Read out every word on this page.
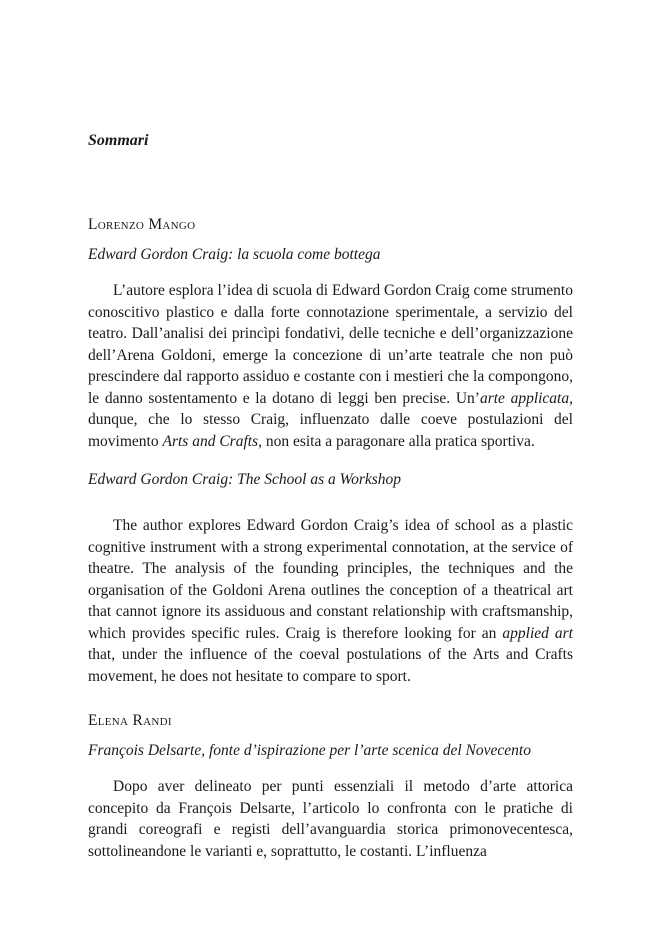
Sommari

Lorenzo Mango

Edward Gordon Craig: la scuola come bottega

L’autore esplora l’idea di scuola di Edward Gordon Craig come strumento conoscitivo plastico e dalla forte connotazione sperimentale, a servizio del teatro. Dall’analisi dei princìpi fondativi, delle tecniche e dell’organizzazione dell’Arena Goldoni, emerge la concezione di un’arte teatrale che non può prescindere dal rapporto assiduo e costante con i mestieri che la compongono, le danno sostentamento e la dotano di leggi ben precise. Un’arte applicata, dunque, che lo stesso Craig, influenzato dalle coeve postulazioni del movimento Arts and Crafts, non esita a paragonare alla pratica sportiva.

Edward Gordon Craig: The School as a Workshop

The author explores Edward Gordon Craig’s idea of school as a plastic cognitive instrument with a strong experimental connotation, at the service of theatre. The analysis of the founding principles, the techniques and the organisation of the Goldoni Arena outlines the conception of a theatrical art that cannot ignore its assiduous and constant relationship with craftsmanship, which provides specific rules. Craig is therefore looking for an applied art that, under the influence of the coeval postulations of the Arts and Crafts movement, he does not hesitate to compare to sport.

Elena Randi

François Delsarte, fonte d’ispirazione per l’arte scenica del Novecento

Dopo aver delineato per punti essenziali il metodo d’arte attorica concepito da François Delsarte, l’articolo lo confronta con le pratiche di grandi coreografi e registi dell’avanguardia storica primonovecentesca, sottolineandone le varianti e, soprattutto, le costanti. L’influenza
